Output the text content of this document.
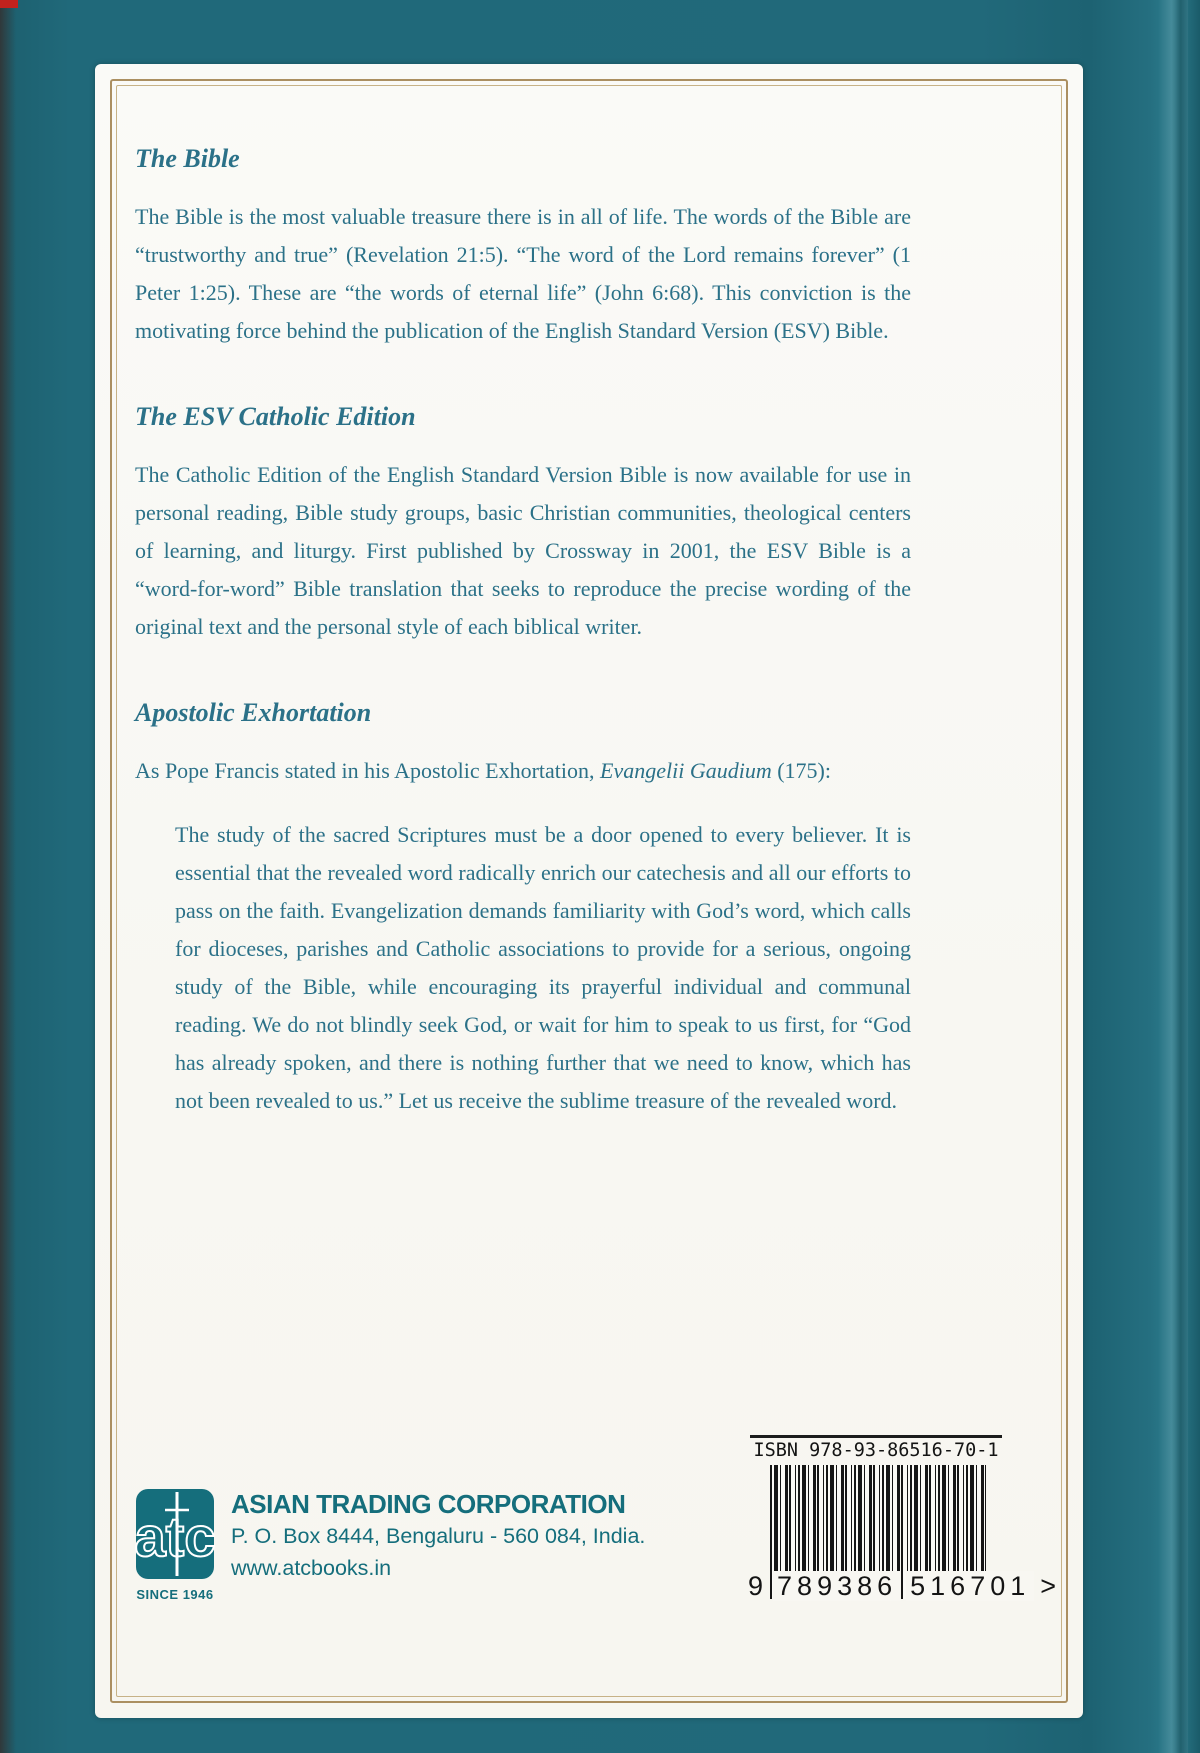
The Bible

The Bible is the most valuable treasure there is in all of life. The words of the Bible are “trustworthy and true” (Revelation 21:5). “The word of the Lord remains forever” (1 Peter 1:25). These are “the words of eternal life” (John 6:68). This conviction is the motivating force behind the publication of the English Standard Version (ESV) Bible.

The ESV Catholic Edition

The Catholic Edition of the English Standard Version Bible is now available for use in personal reading, Bible study groups, basic Christian communities, theological centers of learning, and liturgy. First published by Crossway in 2001, the ESV Bible is a “word-for-word” Bible translation that seeks to reproduce the precise wording of the original text and the personal style of each biblical writer.

Apostolic Exhortation

As Pope Francis stated in his Apostolic Exhortation, Evangelii Gaudium (175):

The study of the sacred Scriptures must be a door opened to every believer. It is essential that the revealed word radically enrich our catechesis and all our efforts to pass on the faith. Evangelization demands familiarity with God’s word, which calls for dioceses, parishes and Catholic associations to provide for a serious, ongoing study of the Bible, while encouraging its prayerful individual and communal reading. We do not blindly seek God, or wait for him to speak to us first, for “God has already spoken, and there is nothing further that we need to know, which has not been revealed to us.” Let us receive the sublime treasure of the revealed word.

atc
SINCE 1946
ASIAN TRADING CORPORATION
P. O. Box 8444, Bengaluru - 560 084, India.
www.atcbooks.in
ISBN 978-93-86516-70-1
9 789386 516701 >
